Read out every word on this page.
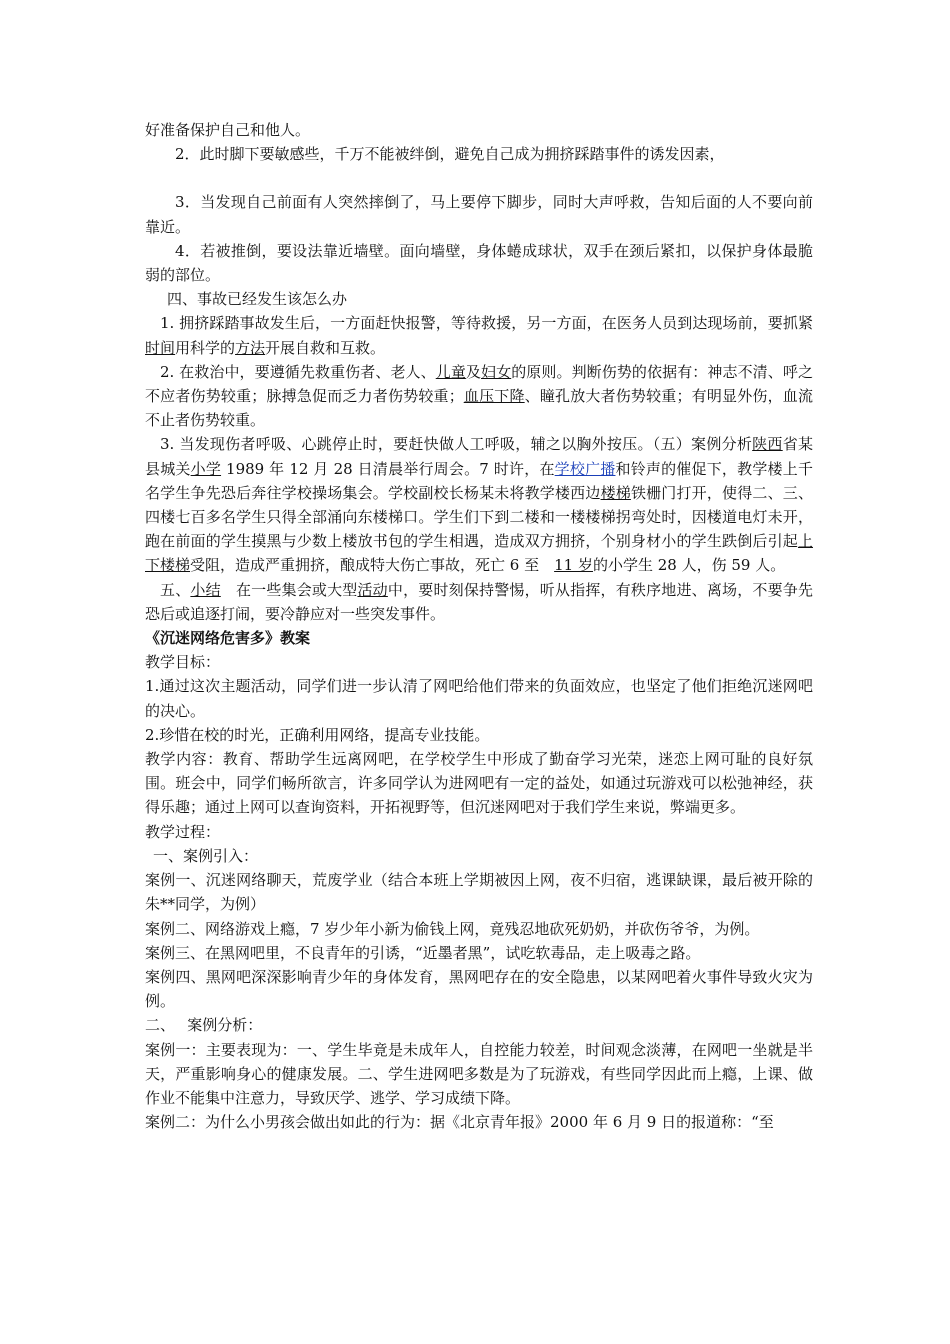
好准备保护自己和他人。

2．此时脚下要敏感些，千万不能被绊倒，避免自己成为拥挤踩踏事件的诱发因素，

3．当发现自己前面有人突然摔倒了，马上要停下脚步，同时大声呼救，告知后面的人不要向前靠近。

4．若被推倒，要设法靠近墙壁。面向墙壁，身体蜷成球状，双手在颈后紧扣，以保护身体最脆弱的部位。

四、事故已经发生该怎么办

1. 拥挤踩踏事故发生后，一方面赶快报警，等待救援，另一方面，在医务人员到达现场前，要抓紧时间用科学的方法开展自救和互救。

2. 在救治中，要遵循先救重伤者、老人、儿童及妇女的原则。判断伤势的依据有：神志不清、呼之不应者伤势较重；脉搏急促而乏力者伤势较重；血压下降、瞳孔放大者伤势较重；有明显外伤，血流不止者伤势较重。

3. 当发现伤者呼吸、心跳停止时，要赶快做人工呼吸，辅之以胸外按压。（五）案例分析陕西省某县城关小学 1989 年 12 月 28 日清晨举行周会。7 时许，在学校广播和铃声的催促下，教学楼上千名学生争先恐后奔往学校操场集会。学校副校长杨某未将教学楼西边楼梯铁栅门打开，使得二、三、四楼七百多名学生只得全部涌向东楼梯口。学生们下到二楼和一楼楼梯拐弯处时，因楼道电灯未开，跑在前面的学生摸黑与少数上楼放书包的学生相遇，造成双方拥挤，个别身材小的学生跌倒后引起上下楼梯受阻，造成严重拥挤，酿成特大伤亡事故，死亡 6 至　11 岁的小学生 28 人，伤 59 人。

五、小结　在一些集会或大型活动中，要时刻保持警惕，听从指挥，有秩序地进、离场，不要争先恐后或追逐打闹，要冷静应对一些突发事件。

《沉迷网络危害多》教案

教学目标：

1.通过这次主题活动，同学们进一步认清了网吧给他们带来的负面效应，也坚定了他们拒绝沉迷网吧的决心。

2.珍惜在校的时光，正确利用网络，提高专业技能。

教学内容：教育、帮助学生远离网吧，在学校学生中形成了勤奋学习光荣，迷恋上网可耻的良好氛围。班会中，同学们畅所欲言，许多同学认为进网吧有一定的益处，如通过玩游戏可以松弛神经，获得乐趣；通过上网可以查询资料，开拓视野等，但沉迷网吧对于我们学生来说，弊端更多。

教学过程：

一、案例引入：

案例一、沉迷网络聊天，荒废学业（结合本班上学期被因上网，夜不归宿，逃课缺课，最后被开除的朱**同学，为例）

案例二、网络游戏上瘾，7 岁少年小新为偷钱上网，竟残忍地砍死奶奶，并砍伤爷爷，为例。

案例三、在黑网吧里，不良青年的引诱，“近墨者黑”，试吃软毒品，走上吸毒之路。

案例四、黑网吧深深影响青少年的身体发育，黑网吧存在的安全隐患，以某网吧着火事件导致火灾为例。

二、　 案例分析：

案例一：主要表现为：一、学生毕竟是未成年人，自控能力较差，时间观念淡薄，在网吧一坐就是半天，严重影响身心的健康发展。二、学生进网吧多数是为了玩游戏，有些同学因此而上瘾，上课、做作业不能集中注意力，导致厌学、逃学、学习成绩下降。

案例二：为什么小男孩会做出如此的行为：据《北京青年报》2000 年 6 月 9 日的报道称：“至
